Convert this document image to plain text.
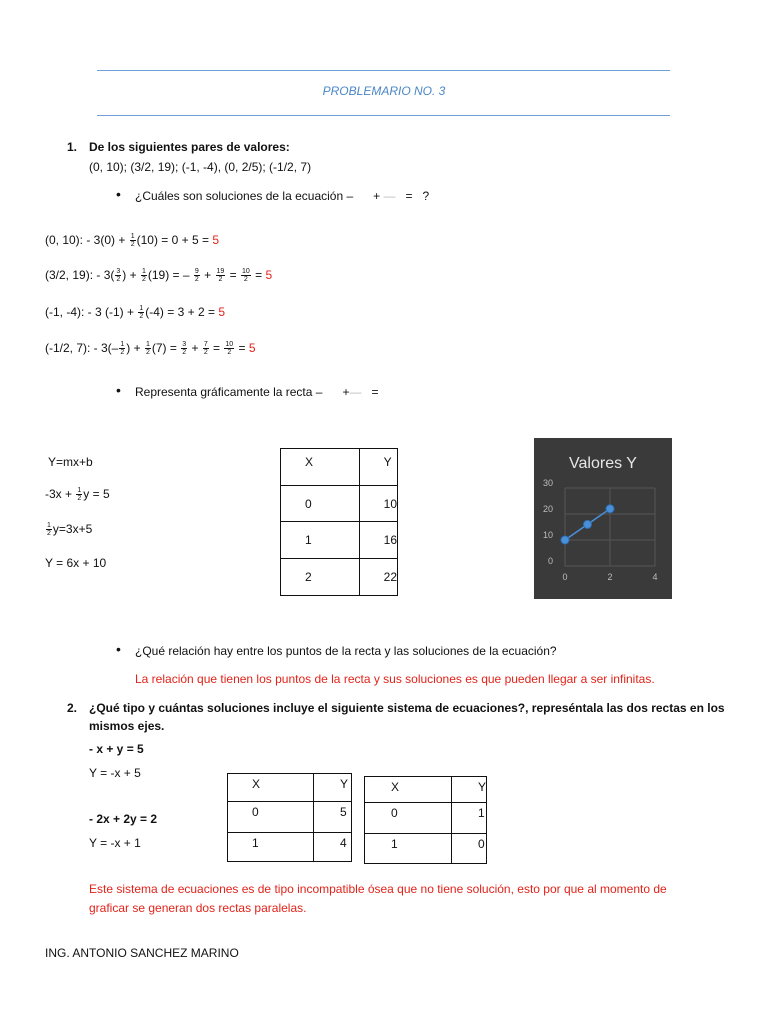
PROBLEMARIO NO. 3
1. De los siguientes pares de valores:
(0, 10); (3/2, 19); (-1, -4), (0, 2/5); (-1/2, 7)
• ¿Cuáles son soluciones de la ecuación –      + —   =   ?
(0, 10): - $3(0) + \frac{1}{2} (10) = 0 + 5 = 5$
(3/2, 19): - $3( \frac{3}{2}$ ) + $\frac{1}{2} (19)$ = – $\frac{9}{2} + \frac{19}{2} = \frac{10}{2} = 5$
(-1, -4): - 3 $(-1) + \frac{1}{2} (-4) = 3 + 2 = 5$
(-1/2, 7): - $3(- \frac{1}{2}$ ) + $\frac{1}{2} (7) = \frac{3}{2} + \frac{7}{2} = \frac{10}{2} = 5$
• Representa gráficamente la recta –      +—   =
Y=mx+b
$-3x + \frac{1}{2}$ y = 5
$\frac{1}{2} y=3x+5$
Y = 6x + 10
X	Y
0	10
1	16
2	22
Valores Y
0
10
20
30
0	2	4
• ¿Qué relación hay entre los puntos de la recta y las soluciones de la ecuación?
La relación que tienen los puntos de la recta y sus soluciones es que pueden llegar a ser infinitas.
2. ¿Qué tipo y cuántas soluciones incluye el siguiente sistema de ecuaciones?, represéntala las dos rectas en los
mismos ejes.
- x + y = 5
Y = -x + 5
- 2x + 2y = 2
Y = -x + 1
X	Y
0	5
1	4
X	Y
0	1
1	0
Este sistema de ecuaciones es de tipo incompatible ósea que no tiene solución, esto por que al momento de
graficar se generan dos rectas paralelas.
ING. ANTONIO SANCHEZ MARINO
